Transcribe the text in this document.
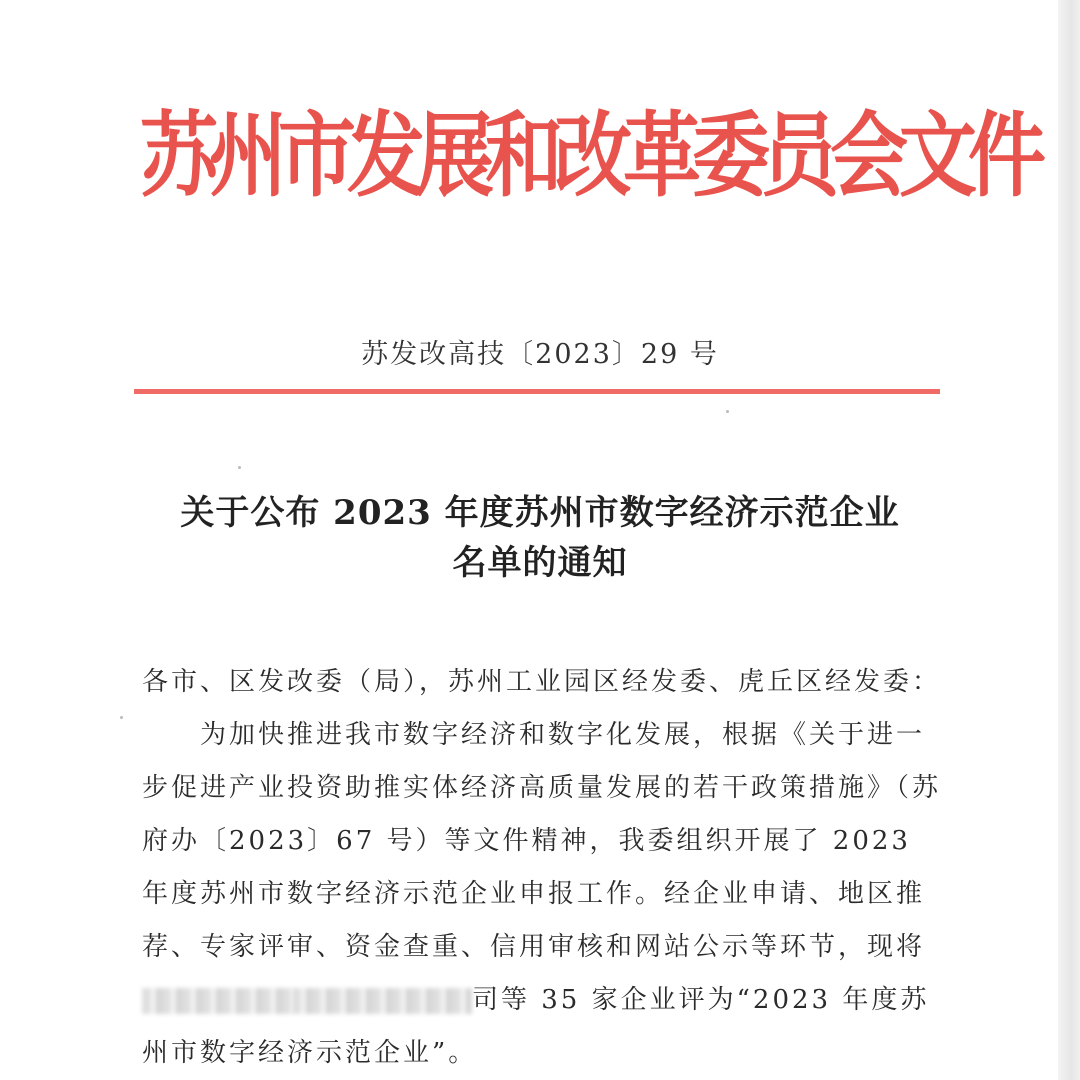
苏州市发展和改革委员会文件
苏发改高技〔2023〕29 号
关于公布 2023 年度苏州市数字经济示范企业
名单的通知

各市、区发改委（局），苏州工业园区经发委、虎丘区经发委：

为加快推进我市数字经济和数字化发展，根据《关于进一步促进产业投资助推实体经济高质量发展的若干政策措施》（苏府办〔2023〕67 号）等文件精神，我委组织开展了 2023 年度苏州市数字经济示范企业申报工作。经企业申请、地区推荐、专家评审、资金查重、信用审核和网站公示等环节，现将司等 35 家企业评为“2023 年度苏州市数字经济示范企业”。
